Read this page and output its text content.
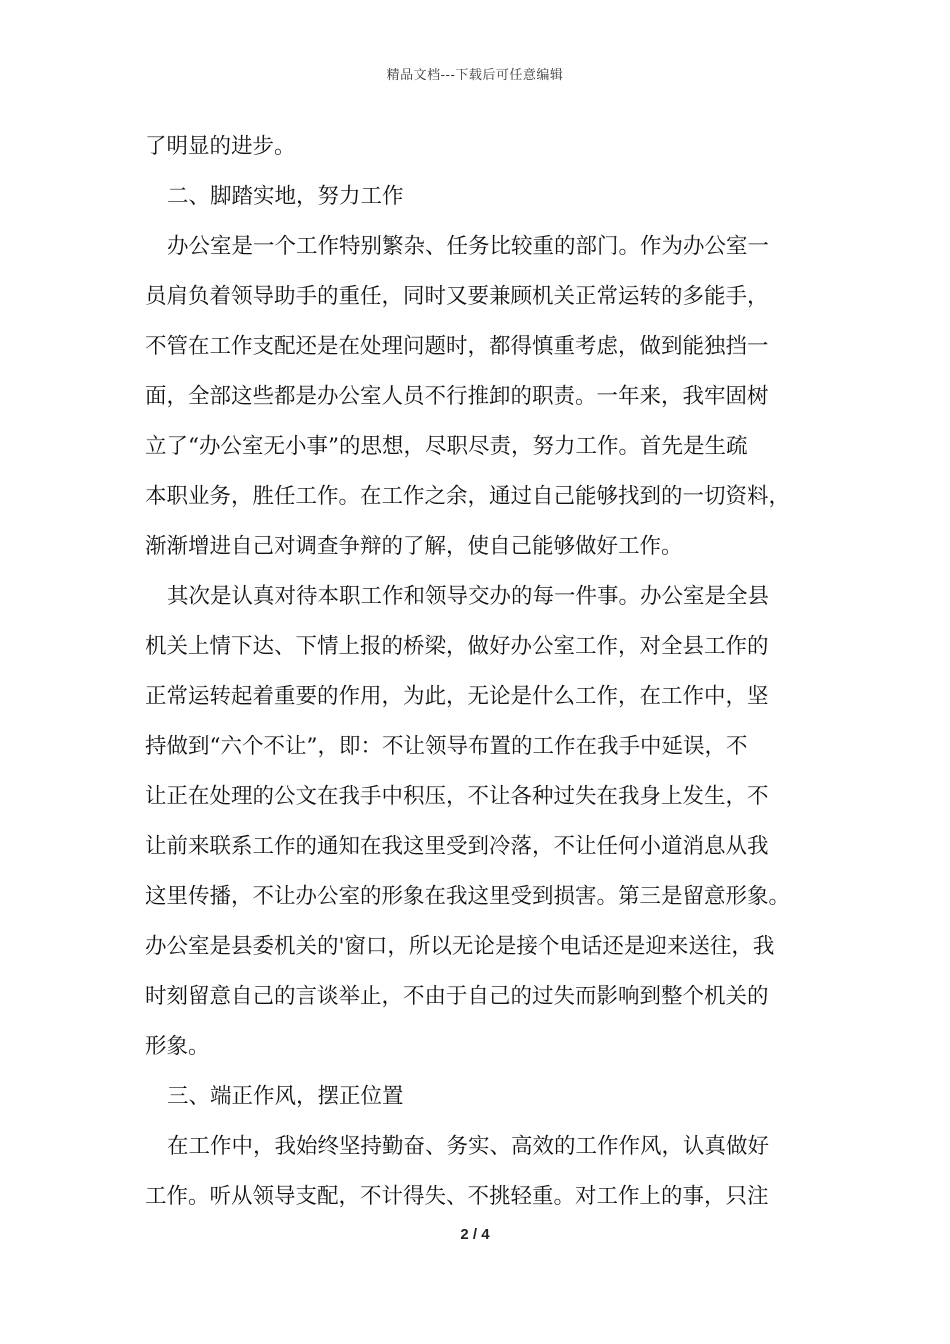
精品文档---下载后可任意编辑
了明显的进步。
二、脚踏实地，努力工作
办公室是一个工作特别繁杂、任务比较重的部门。作为办公室一
员肩负着领导助手的重任，同时又要兼顾机关正常运转的多能手，
不管在工作支配还是在处理问题时，都得慎重考虑，做到能独挡一
面，全部这些都是办公室人员不行推卸的职责。一年来，我牢固树
立了“办公室无小事”的思想，尽职尽责，努力工作。首先是生疏
本职业务，胜任工作。在工作之余，通过自己能够找到的一切资料，
渐渐增进自己对调查争辩的了解，使自己能够做好工作。
其次是认真对待本职工作和领导交办的每一件事。办公室是全县
机关上情下达、下情上报的桥梁，做好办公室工作，对全县工作的
正常运转起着重要的作用，为此，无论是什么工作，在工作中，坚
持做到“六个不让”，即：不让领导布置的工作在我手中延误，不
让正在处理的公文在我手中积压，不让各种过失在我身上发生，不
让前来联系工作的通知在我这里受到冷落，不让任何小道消息从我
这里传播，不让办公室的形象在我这里受到损害。第三是留意形象。
办公室是县委机关的'窗口，所以无论是接个电话还是迎来送往，我
时刻留意自己的言谈举止，不由于自己的过失而影响到整个机关的
形象。
三、端正作风，摆正位置
在工作中，我始终坚持勤奋、务实、高效的工作作风，认真做好
工作。听从领导支配，不计得失、不挑轻重。对工作上的事，只注
2 / 4
